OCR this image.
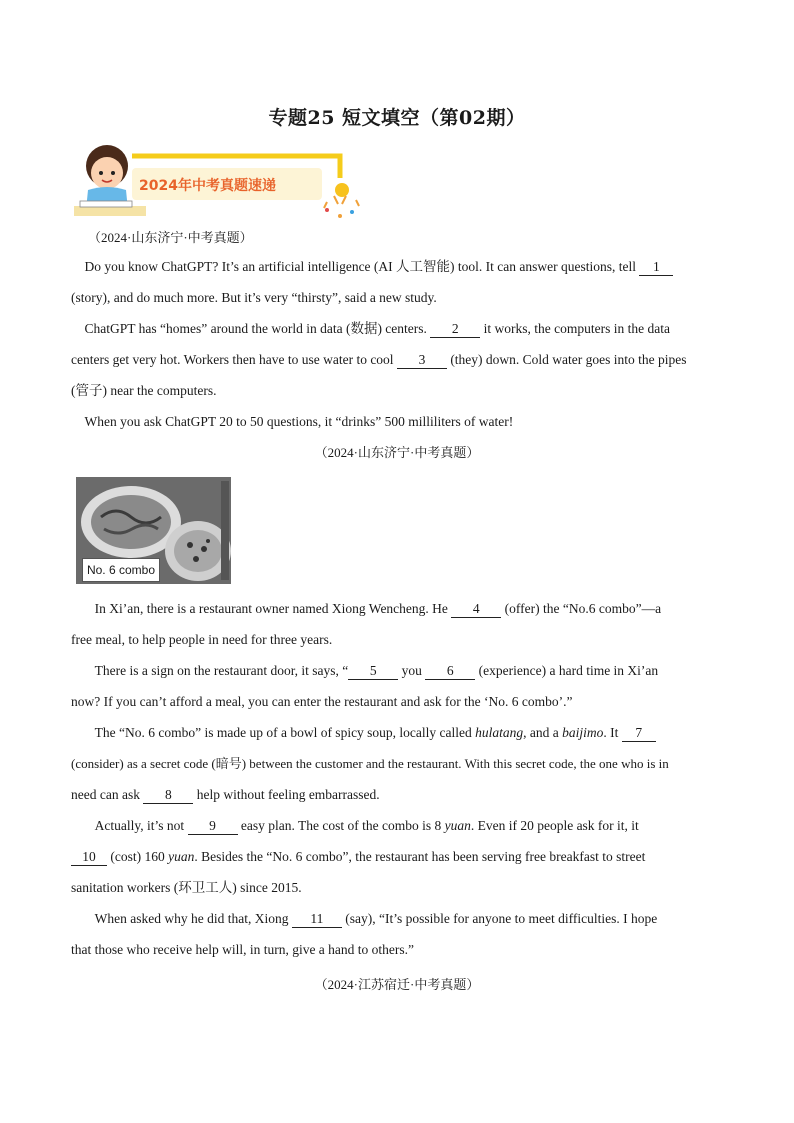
专题25 短文填空（第02期）
2024年中考真题速递
（2024·山东济宁·中考真题）
Do you know ChatGPT? It’s an artificial intelligence (AI 人工智能) tool. It can answer questions, tell 1
(story), and do much more. But it’s very “thirsty”, said a new study.
ChatGPT has “homes” around the world in data (数据) centers. 2 it works, the computers in the data
centers get very hot. Workers then have to use water to cool 3 (they) down. Cold water goes into the pipes
(管子) near the computers.
When you ask ChatGPT 20 to 50 questions, it “drinks” 500 milliliters of water!
（2024·山东济宁·中考真题）
No. 6 combo
In Xi’an, there is a restaurant owner named Xiong Wencheng. He 4 (offer) the “No.6 combo”—a
free meal, to help people in need for three years.
There is a sign on the restaurant door, it says, “ 5 you 6 (experience) a hard time in Xi’an
now? If you can’t afford a meal, you can enter the restaurant and ask for the ‘No. 6 combo’.”
The “No. 6 combo” is made up of a bowl of spicy soup, locally called hulatang, and a baijimo. It 7
(consider) as a secret code (暗号) between the customer and the restaurant. With this secret code, the one who is in
need can ask 8 help without feeling embarrassed.
Actually, it’s not 9 easy plan. The cost of the combo is 8 yuan. Even if 20 people ask for it, it
10 (cost) 160 yuan. Besides the “No. 6 combo”, the restaurant has been serving free breakfast to street
sanitation workers (环卫工人) since 2015.
When asked why he did that, Xiong 11 (say), “It’s possible for anyone to meet difficulties. I hope
that those who receive help will, in turn, give a hand to others.”
（2024·江苏宿迁·中考真题）
